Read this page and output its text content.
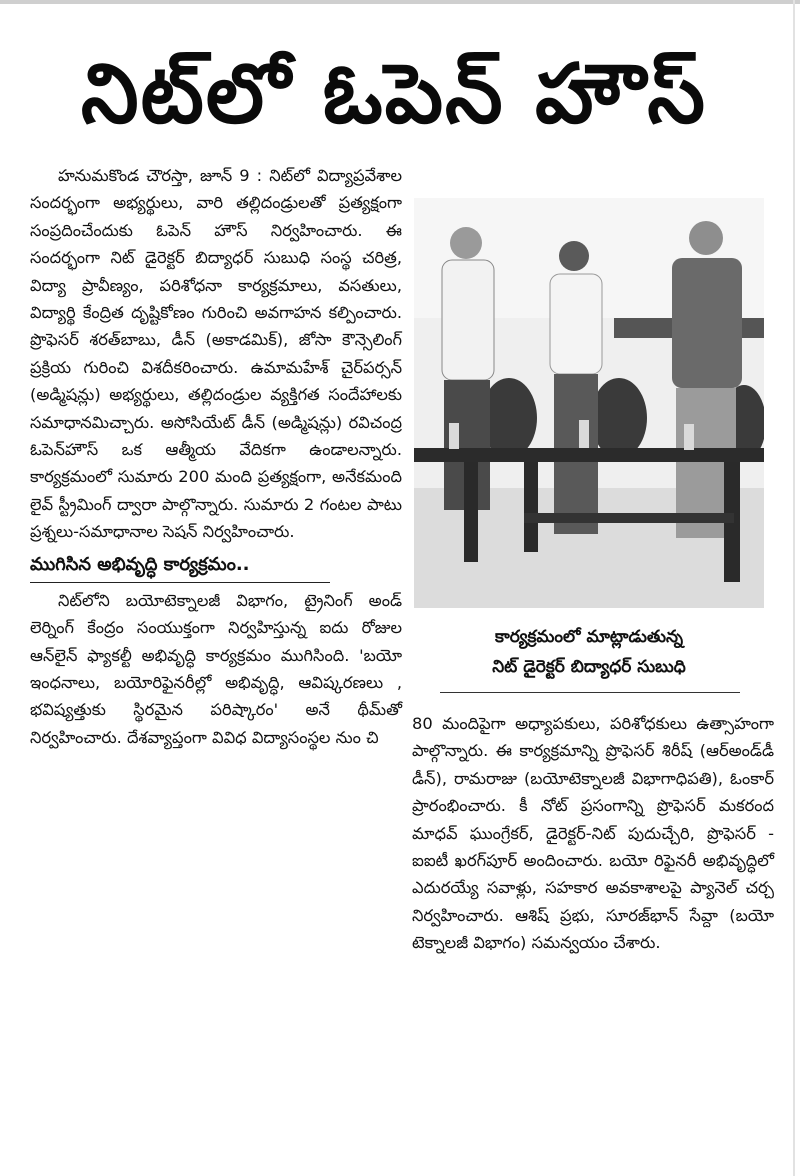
నిట్‌లో ఓపెన్ హౌస్

హనుమకొండ చౌరస్తా, జూన్ 9 : నిట్‌లో విద్యాప్రవేశాల సందర్భంగా అభ్యర్థులు, వారి తల్లిదండ్రులతో ప్రత్యక్షంగా సంప్రదించేందుకు ఓపెన్ హౌస్ నిర్వహించారు. ఈ సందర్భంగా నిట్ డైరెక్టర్ బిద్యాధర్ సుబుధి సంస్థ చరిత్ర, విద్యా ప్రావీణ్యం, పరిశోధనా కార్యక్రమాలు, వసతులు, విద్యార్థి కేంద్రిత దృష్టికోణం గురించి అవగాహన కల్పించారు. ప్రొఫెసర్ శరత్‌బాబు, డీన్ (అకాడమిక్), జోసా కౌన్సెలింగ్ ప్రక్రియ గురించి విశదీకరించారు. ఉమామహేశ్ చైర్‌పర్సన్ (అడ్మిషన్లు) అభ్యర్థులు, తల్లిదండ్రుల వ్యక్తిగత సందేహాలకు సమాధానమిచ్చారు. అసోసియేట్ డీన్ (అడ్మిషన్లు) రవిచంద్ర ఓపెన్‌హౌస్ ఒక ఆత్మీయ వేదికగా ఉండాలన్నారు. కార్యక్రమంలో సుమారు 200 మంది ప్రత్యక్షంగా, అనేకమంది లైవ్ స్ట్రీమింగ్ ద్వారా పాల్గొన్నారు. సుమారు 2 గంటల పాటు ప్రశ్నలు-సమాధానాల సెషన్ నిర్వహించారు.

ముగిసిన అభివృద్ధి కార్యక్రమం..

నిట్‌లోని బయోటెక్నాలజీ విభాగం, ట్రైనింగ్ అండ్ లెర్నింగ్ కేంద్రం సంయుక్తంగా నిర్వహిస్తున్న ఐదు రోజుల ఆన్‌లైన్ ఫ్యాకల్టీ అభివృద్ధి కార్యక్రమం ముగిసింది. 'బయో ఇంధనాలు, బయోరిఫైనరీల్లో అభివృద్ధి, ఆవిష్కరణలు , భవిష్యత్తుకు స్థిరమైన పరిష్కారం' అనే థీమ్‌తో నిర్వహించారు. దేశవ్యాప్తంగా వివిధ విద్యాసంస్థల నుం చి

కార్యక్రమంలో మాట్లాడుతున్న
నిట్ డైరెక్టర్ బిద్యాధర్ సుబుధి

80 మందిపైగా అధ్యాపకులు, పరిశోధకులు ఉత్సాహంగా పాల్గొన్నారు. ఈ కార్యక్రమాన్ని ప్రొఫెసర్ శిరీష్ (ఆర్‌అండ్‌డీ డీన్), రామరాజు (బయోటెక్నాలజీ విభాగాధిపతి), ఓంకార్ ప్రారంభించారు. కీ నోట్ ప్రసంగాన్ని ప్రొఫెసర్ మకరంద మాధవ్ ఘుంగ్రేకర్, డైరెక్టర్-నిట్ పుదుచ్చేరి, ప్రొఫెసర్ - ఐఐటీ ఖరగ్‌పూర్ అందించారు. బయో రిఫైనరీ అభివృద్ధిలో ఎదురయ్యే సవాళ్లు, సహకార అవకాశాలపై ప్యానెల్ చర్చ నిర్వహించారు. ఆశిష్ ప్రభు, సూరజ్‌భాన్ సేవ్దా (బయో టెక్నాలజీ విభాగం) సమన్వయం చేశారు.
